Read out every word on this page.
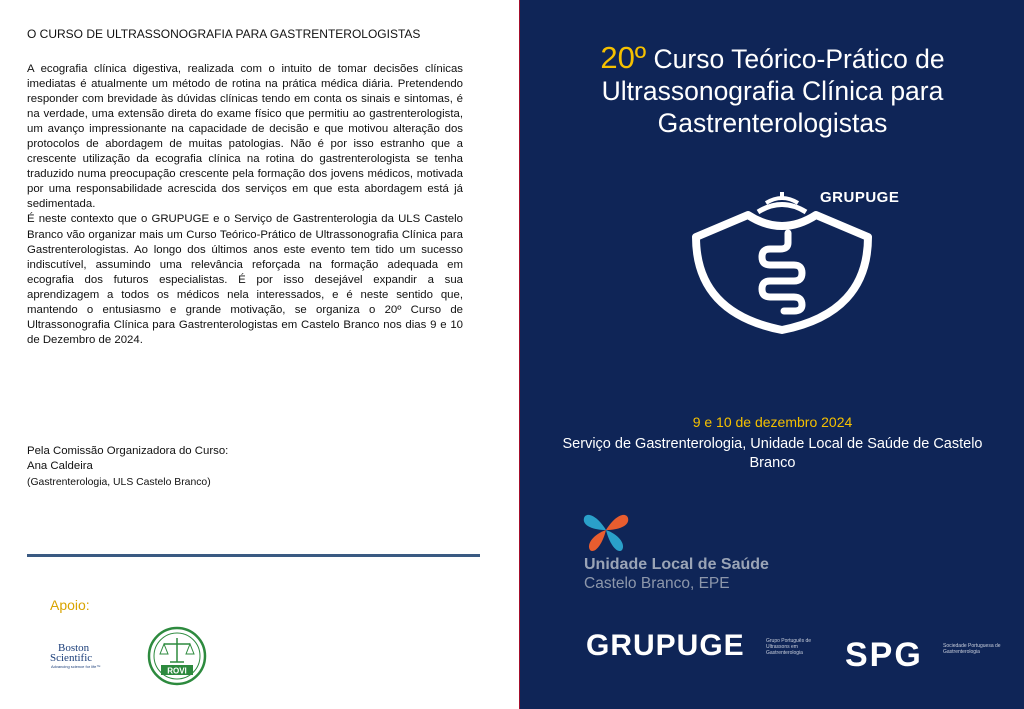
O CURSO DE ULTRASSONOGRAFIA PARA GASTRENTEROLOGISTAS

A ecografia clínica digestiva, realizada com o intuito de tomar decisões clínicas imediatas é atualmente um método de rotina na prática médica diária. Pretendendo responder com brevidade às dúvidas clínicas tendo em conta os sinais e sintomas, é na verdade, uma extensão direta do exame físico que permitiu ao gastrenterologista, um avanço impressionante na capacidade de decisão e que motivou alteração dos protocolos de abordagem de muitas patologias. Não é por isso estranho que a crescente utilização da ecografia clínica na rotina do gastrenterologista se tenha traduzido numa preocupação crescente pela formação dos jovens médicos, motivada por uma responsabilidade acrescida dos serviços em que esta abordagem está já sedimentada.

É neste contexto que o GRUPUGE e o Serviço de Gastrenterologia da ULS Castelo Branco vão organizar mais um Curso Teórico-Prático de Ultrassonografia Clínica para Gastrenterologistas. Ao longo dos últimos anos este evento tem tido um sucesso indiscutível, assumindo uma relevância reforçada na formação adequada em ecografia dos futuros especialistas. É por isso desejável expandir a sua aprendizagem a todos os médicos nela interessados, e é neste sentido que, mantendo o entusiasmo e grande motivação, se organiza o 20º Curso de Ultrassonografia Clínica para Gastrenterologistas em Castelo Branco nos dias 9 e 10 de Dezembro de 2024.

Pela Comissão Organizadora do Curso:
Ana Caldeira
(Gastrenterologia, ULS Castelo Branco)
Apoio:
Boston
Scientific
Advancing science for life™	ROVI
20º Curso Teórico-Prático de
Ultrassonografia Clínica para
Gastrenterologistas
GRUPUGE
9 e 10 de dezembro 2024
Serviço de Gastrenterologia, Unidade Local de Saúde de Castelo Branco
Unidade Local de Saúde
Castelo Branco, EPE
GRUPUGE	Grupo Português de Ultrassons em Gastrenterologia	SPG	Sociedade Portuguesa de Gastrenterologia
